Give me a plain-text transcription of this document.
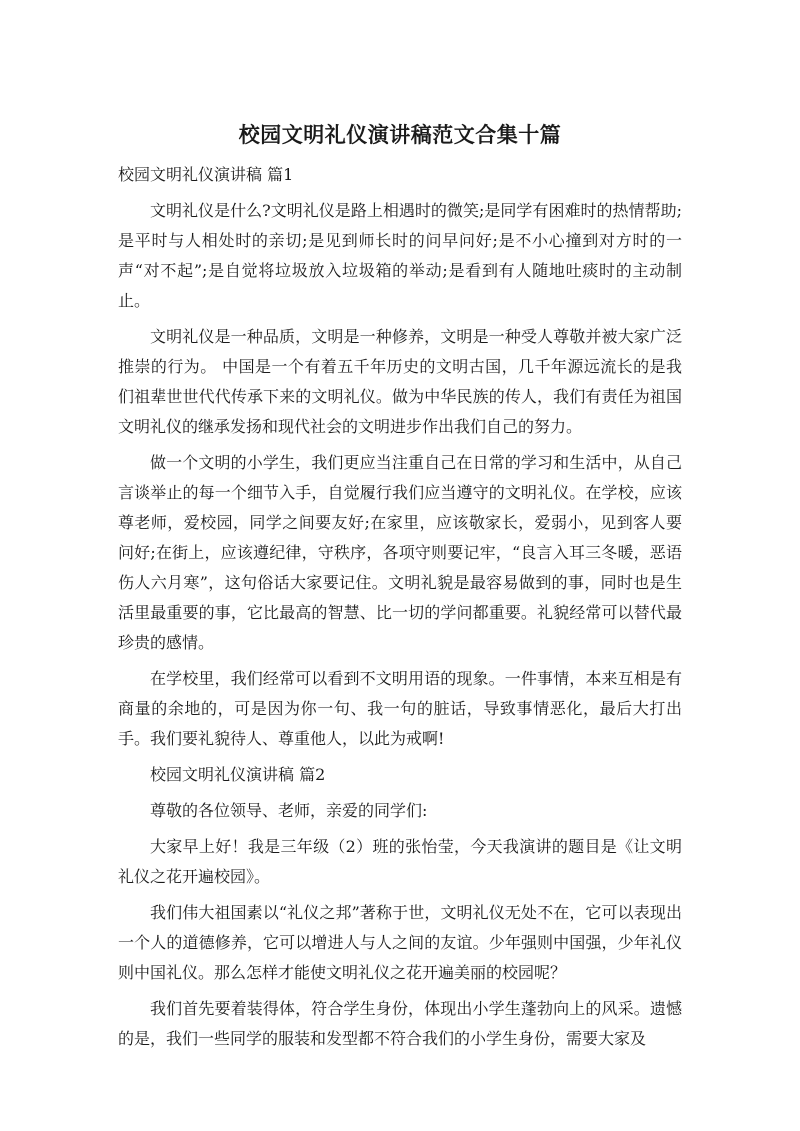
校园文明礼仪演讲稿范文合集十篇

校园文明礼仪演讲稿 篇1

文明礼仪是什么?文明礼仪是路上相遇时的微笑;是同学有困难时的热情帮助;是平时与人相处时的亲切;是见到师长时的问早问好;是不小心撞到对方时的一声“对不起”;是自觉将垃圾放入垃圾箱的举动;是看到有人随地吐痰时的主动制止。

文明礼仪是一种品质，文明是一种修养，文明是一种受人尊敬并被大家广泛推崇的行为。 中国是一个有着五千年历史的文明古国，几千年源远流长的是我们祖辈世世代代传承下来的文明礼仪。做为中华民族的传人，我们有责任为祖国文明礼仪的继承发扬和现代社会的文明进步作出我们自己的努力。

做一个文明的小学生，我们更应当注重自己在日常的学习和生活中，从自己言谈举止的每一个细节入手，自觉履行我们应当遵守的文明礼仪。在学校，应该尊老师，爱校园，同学之间要友好;在家里，应该敬家长，爱弱小，见到客人要问好;在街上，应该遵纪律，守秩序，各项守则要记牢，“良言入耳三冬暖，恶语伤人六月寒”，这句俗话大家要记住。文明礼貌是最容易做到的事，同时也是生活里最重要的事，它比最高的智慧、比一切的学问都重要。礼貌经常可以替代最珍贵的感情。

在学校里，我们经常可以看到不文明用语的现象。一件事情，本来互相是有商量的余地的，可是因为你一句、我一句的脏话，导致事情恶化，最后大打出手。我们要礼貌待人、尊重他人，以此为戒啊!

校园文明礼仪演讲稿 篇2

尊敬的各位领导、老师，亲爱的同学们:

大家早上好！我是三年级（2）班的张怡莹，今天我演讲的题目是《让文明礼仪之花开遍校园》。

我们伟大祖国素以“礼仪之邦”著称于世，文明礼仪无处不在，它可以表现出一个人的道德修养，它可以增进人与人之间的友谊。少年强则中国强，少年礼仪则中国礼仪。那么怎样才能使文明礼仪之花开遍美丽的校园呢？

我们首先要着装得体，符合学生身份，体现出小学生蓬勃向上的风采。遗憾的是，我们一些同学的服装和发型都不符合我们的小学生身份，需要大家及
